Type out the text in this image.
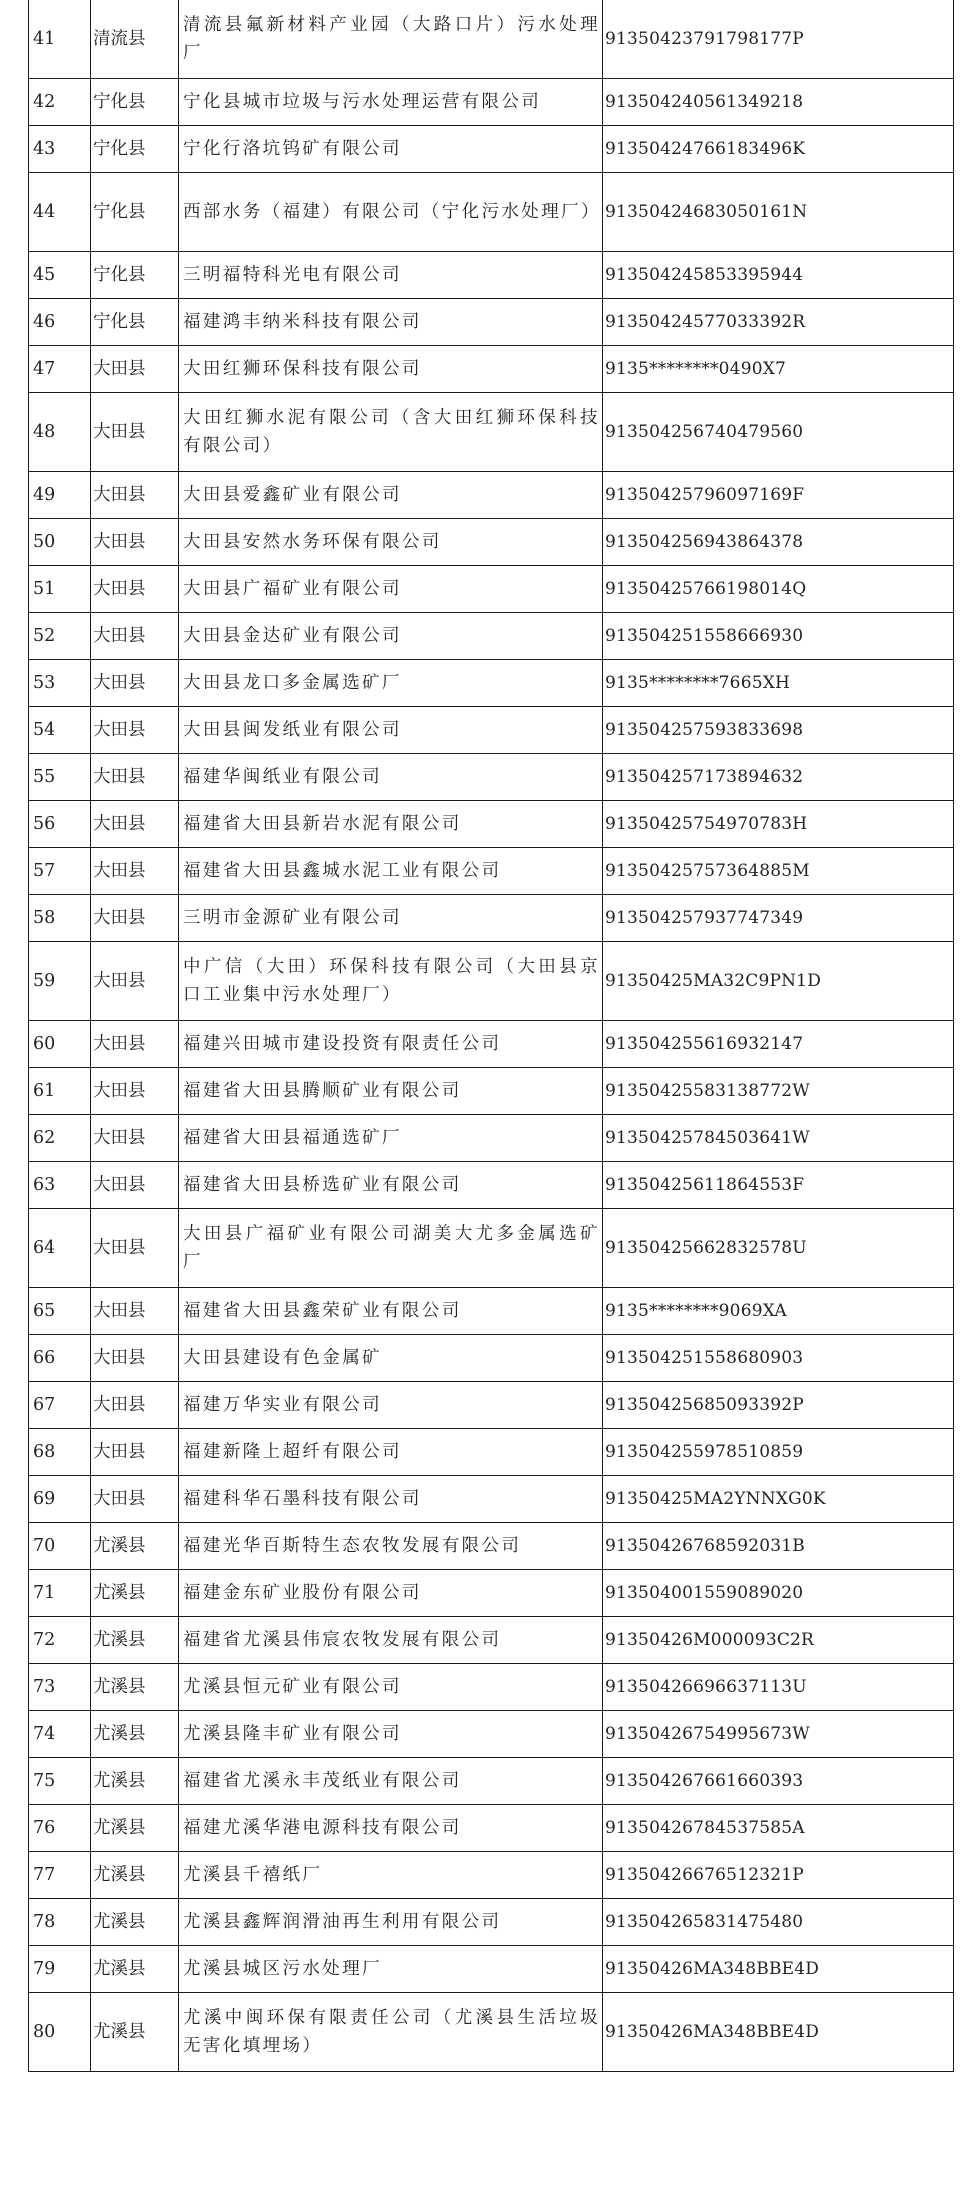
41	清流县	清流县氟新材料产业园（大路口片）污水处理厂	91350423791798177P
42	宁化县	宁化县城市垃圾与污水处理运营有限公司	913504240561349218
43	宁化县	宁化行洛坑钨矿有限公司	91350424766183496K
44	宁化县	西部水务（福建）有限公司（宁化污水处理厂）	91350424683050161N
45	宁化县	三明福特科光电有限公司	913504245853395944
46	宁化县	福建鸿丰纳米科技有限公司	91350424577033392R
47	大田县	大田红狮环保科技有限公司	9135********0490X7
48	大田县	大田红狮水泥有限公司（含大田红狮环保科技有限公司）	913504256740479560
49	大田县	大田县爱鑫矿业有限公司	91350425796097169F
50	大田县	大田县安然水务环保有限公司	913504256943864378
51	大田县	大田县广福矿业有限公司	91350425766198014Q
52	大田县	大田县金达矿业有限公司	913504251558666930
53	大田县	大田县龙口多金属选矿厂	9135********7665XH
54	大田县	大田县闽发纸业有限公司	913504257593833698
55	大田县	福建华闽纸业有限公司	913504257173894632
56	大田县	福建省大田县新岩水泥有限公司	91350425754970783H
57	大田县	福建省大田县鑫城水泥工业有限公司	91350425757364885M
58	大田县	三明市金源矿业有限公司	913504257937747349
59	大田县	中广信（大田）环保科技有限公司（大田县京口工业集中污水处理厂）	91350425MA32C9PN1D
60	大田县	福建兴田城市建设投资有限责任公司	913504255616932147
61	大田县	福建省大田县腾顺矿业有限公司	91350425583138772W
62	大田县	福建省大田县福通选矿厂	91350425784503641W
63	大田县	福建省大田县桥选矿业有限公司	91350425611864553F
64	大田县	大田县广福矿业有限公司湖美大尤多金属选矿厂	91350425662832578U
65	大田县	福建省大田县鑫荣矿业有限公司	9135********9069XA
66	大田县	大田县建设有色金属矿	913504251558680903
67	大田县	福建万华实业有限公司	91350425685093392P
68	大田县	福建新隆上超纤有限公司	913504255978510859
69	大田县	福建科华石墨科技有限公司	91350425MA2YNNXG0K
70	尤溪县	福建光华百斯特生态农牧发展有限公司	91350426768592031B
71	尤溪县	福建金东矿业股份有限公司	913504001559089020
72	尤溪县	福建省尤溪县伟宸农牧发展有限公司	91350426M000093C2R
73	尤溪县	尤溪县恒元矿业有限公司	91350426696637113U
74	尤溪县	尤溪县隆丰矿业有限公司	91350426754995673W
75	尤溪县	福建省尤溪永丰茂纸业有限公司	913504267661660393
76	尤溪县	福建尤溪华港电源科技有限公司	91350426784537585A
77	尤溪县	尤溪县千禧纸厂	91350426676512321P
78	尤溪县	尤溪县鑫辉润滑油再生利用有限公司	913504265831475480
79	尤溪县	尤溪县城区污水处理厂	91350426MA348BBE4D
80	尤溪县	尤溪中闽环保有限责任公司（尤溪县生活垃圾无害化填埋场）	91350426MA348BBE4D
